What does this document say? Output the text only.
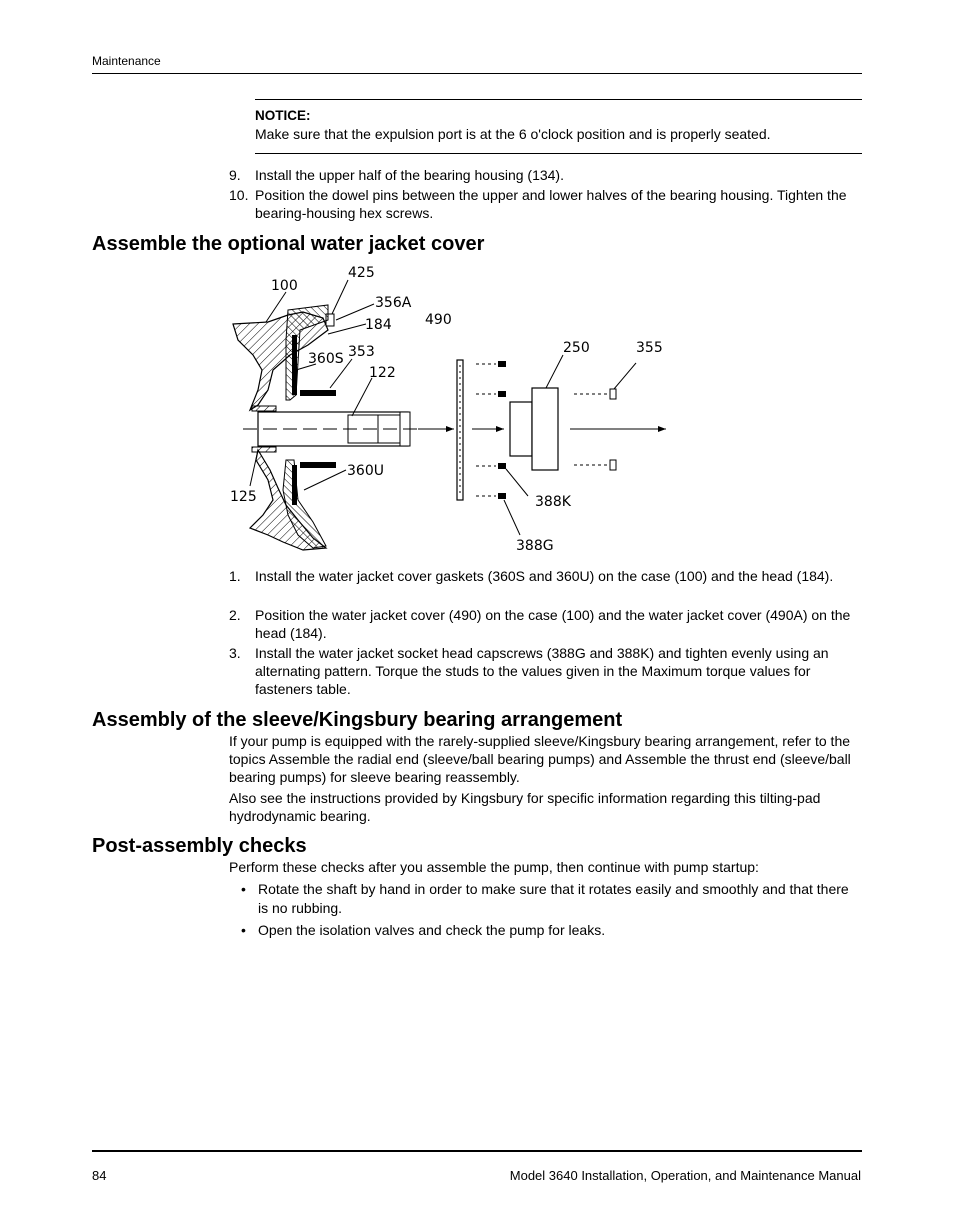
Maintenance
NOTICE:
Make sure that the expulsion port is at the 6 o'clock position and is properly seated.
9. Install the upper half of the bearing housing (134).
10. Position the dowel pins between the upper and lower halves of the bearing housing. Tighten the bearing-housing hex screws.
Assemble the optional water jacket cover
100
425
356A
184 490
360S 353
122
250	355
360U
125	388K
388G
1. Install the water jacket cover gaskets (360S and 360U) on the case (100) and the head (184).
2. Position the water jacket cover (490) on the case (100) and the water jacket cover (490A) on the head (184).
3. Install the water jacket socket head capscrews (388G and 388K) and tighten evenly using an alternating pattern. Torque the studs to the values given in the Maximum torque values for fasteners table.
Assembly of the sleeve/Kingsbury bearing arrangement

If your pump is equipped with the rarely-supplied sleeve/Kingsbury bearing arrangement, refer to the topics Assemble the radial end (sleeve/ball bearing pumps) and Assemble the thrust end (sleeve/ball bearing pumps) for sleeve bearing reassembly.

Also see the instructions provided by Kingsbury for specific information regarding this tilting-pad hydrodynamic bearing.

Post-assembly checks

Perform these checks after you assemble the pump, then continue with pump startup:

• Rotate the shaft by hand in order to make sure that it rotates easily and smoothly and that there is no rubbing.
• Open the isolation valves and check the pump for leaks.
84	Model 3640 Installation, Operation, and Maintenance Manual
